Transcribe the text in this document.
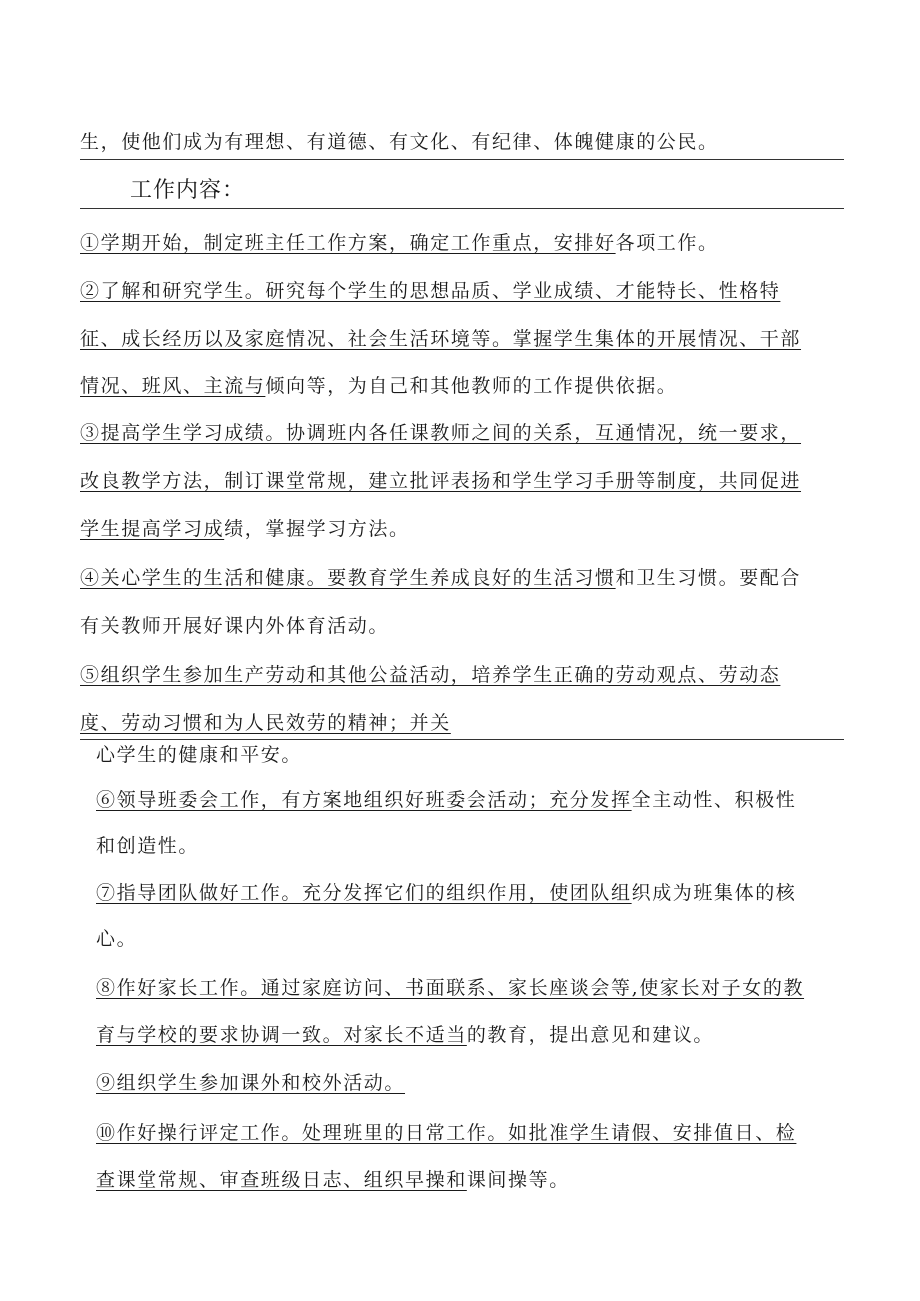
生，使他们成为有理想、有道德、有文化、有纪律、体魄健康的公民。
工作内容：
①学期开始，制定班主任工作方案，确定工作重点，安排好各项工作。
②了解和研究学生。研究每个学生的思想品质、学业成绩、才能特长、性格特
征、成长经历以及家庭情况、社会生活环境等。掌握学生集体的开展情况、干部
情况、班风、主流与倾向等，为自己和其他教师的工作提供依据。
③提高学生学习成绩。协调班内各任课教师之间的关系，互通情况，统一要求，
改良教学方法，制订课堂常规，建立批评表扬和学生学习手册等制度，共同促进
学生提高学习成绩，掌握学习方法。
④关心学生的生活和健康。要教育学生养成良好的生活习惯和卫生习惯。要配合
有关教师开展好课内外体育活动。
⑤组织学生参加生产劳动和其他公益活动，培养学生正确的劳动观点、劳动态
度、劳动习惯和为人民效劳的精神；并关
心学生的健康和平安。
⑥领导班委会工作，有方案地组织好班委会活动；充分发挥全主动性、积极性
和创造性。
⑦指导团队做好工作。充分发挥它们的组织作用，使团队组织成为班集体的核
心。
⑧作好家长工作。通过家庭访问、书面联系、家长座谈会等,使家长对子女的教
育与学校的要求协调一致。对家长不适当的教育，提出意见和建议。
⑨组织学生参加课外和校外活动。
⑩作好操行评定工作。处理班里的日常工作。如批准学生请假、安排值日、检
查课堂常规、审查班级日志、组织早操和课间操等。
